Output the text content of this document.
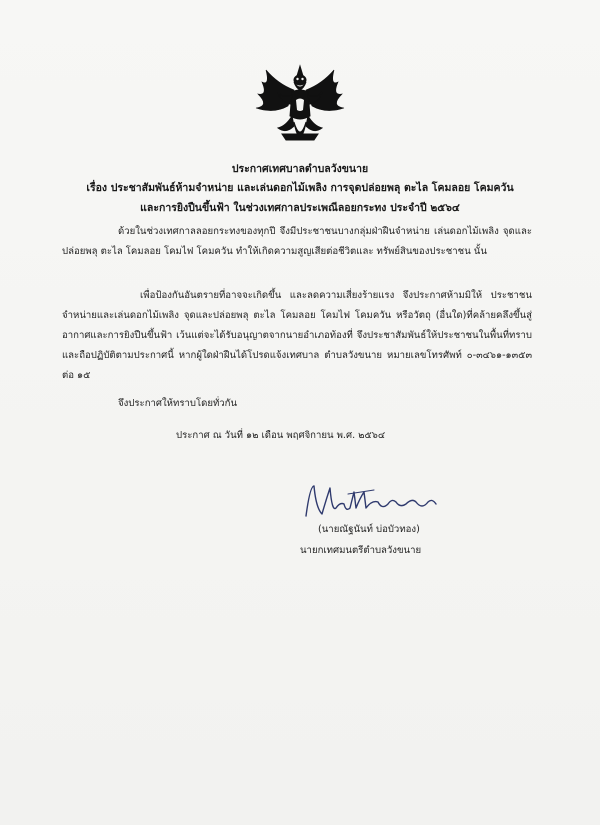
ประกาศเทศบาลตำบลวังขนาย
เรื่อง ประชาสัมพันธ์ห้ามจำหน่าย และเล่นดอกไม้เพลิง การจุดปล่อยพลุ ตะไล โคมลอย โคมควัน
และการยิงปืนขึ้นฟ้า ในช่วงเทศกาลประเพณีลอยกระทง ประจำปี ๒๕๖๔
ด้วยในช่วงเทศกาลลอยกระทงของทุกปี จึงมีประชาชนบางกลุ่มฝ่าฝืนจำหน่าย เล่นดอกไม้เพลิง จุดและปล่อยพลุ ตะไล โคมลอย โคมไฟ โคมควัน ทำให้เกิดความสูญเสียต่อชีวิตและ ทรัพย์สินของประชาชน นั้น
เพื่อป้องกันอันตรายที่อาจจะเกิดขึ้น และลดความเสี่ยงร้ายแรง จึงประกาศห้ามมิให้ ประชาชนจำหน่ายและเล่นดอกไม้เพลิง จุดและปล่อยพลุ ตะไล โคมลอย โคมไฟ โคมควัน หรือวัตถุ (อื่นใด)ที่คล้ายคลึงขึ้นสู่อากาศและการยิงปืนขึ้นฟ้า เว้นแต่จะได้รับอนุญาตจากนายอำเภอท้องที่ จึงประชาสัมพันธ์ให้ประชาชนในพื้นที่ทราบและถือปฏิบัติตามประกาศนี้ หากผู้ใดฝ่าฝืนได้โปรดแจ้งเทศบาล ตำบลวังขนาย หมายเลขโทรศัพท์ ๐-๓๔๖๑-๑๓๕๓ ต่อ ๑๕
จึงประกาศให้ทราบโดยทั่วกัน
ประกาศ ณ วันที่ ๑๒ เดือน พฤศจิกายน พ.ศ. ๒๕๖๔
(นายณัฐนันท์ บ่อบัวทอง)
นายกเทศมนตรีตำบลวังขนาย
